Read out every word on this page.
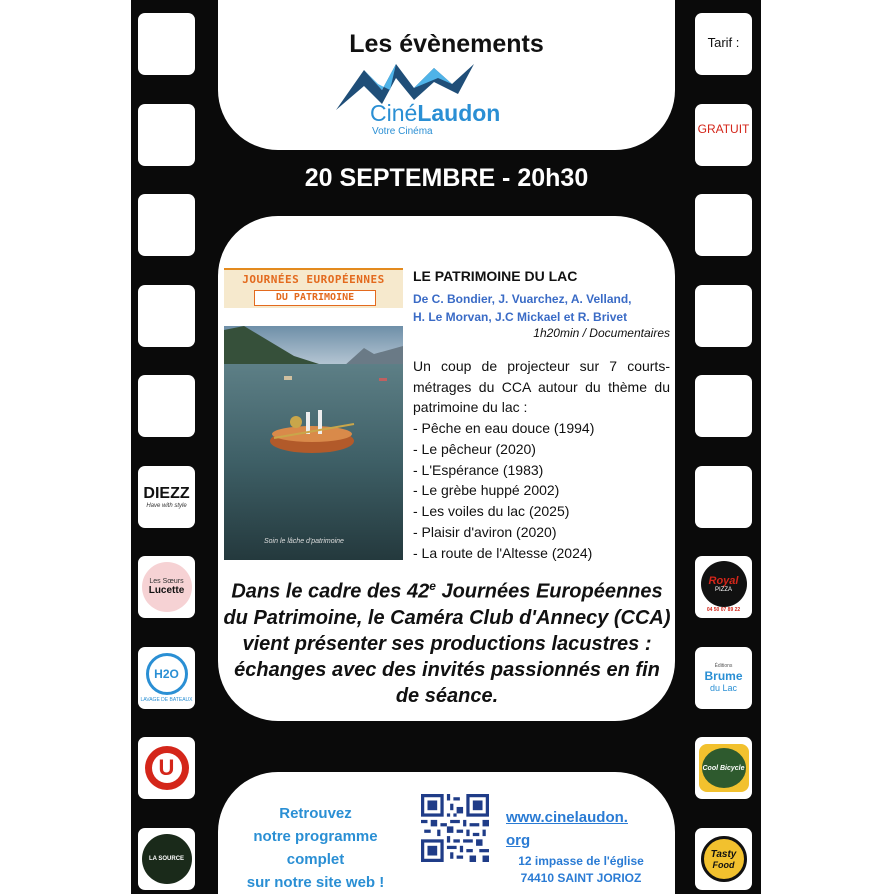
Les évènements
CinéLaudon
Votre Cinéma
Tarif :
GRATUIT
20 SEPTEMBRE - 20h30
JOURNÉES EUROPÉENNES
DU PATRIMOINE
Soin le lâche d'patrimoine
LE PATRIMOINE DU LAC
De C. Bondier, J. Vuarchez, A. Velland,
H. Le Morvan, J.C Mickael et R. Brivet
1h20min / Documentaires
Un coup de projecteur sur 7 courts-métrages du CCA autour du thème du patrimoine du lac :
- Pêche en eau douce (1994)
- Le pêcheur (2020)
- L'Espérance (1983)
- Le grèbe huppé 2002)
- Les voiles du lac (2025)
- Plaisir d'aviron (2020)
- La route de l'Altesse (2024)
Dans le cadre des 42e Journées Européennes du Patrimoine, le Caméra Club d'Annecy (CCA) vient présenter ses productions lacustres : échanges avec des invités passionnés en fin de séance.
DIEZZ
Have with style
Les Sœurs
Lucette
H2O
LAVAGE DE BATEAUX
U
LA SOURCE
Royal
PIZZA
04 50 07 89 22
Éditions
Brume
du Lac
Cool Bicycle
Tasty
Food
Retrouvez
notre programme
complet
sur notre site web !
www.cinelaudon.
org
12 impasse de l'église
74410 SAINT JORIOZ
